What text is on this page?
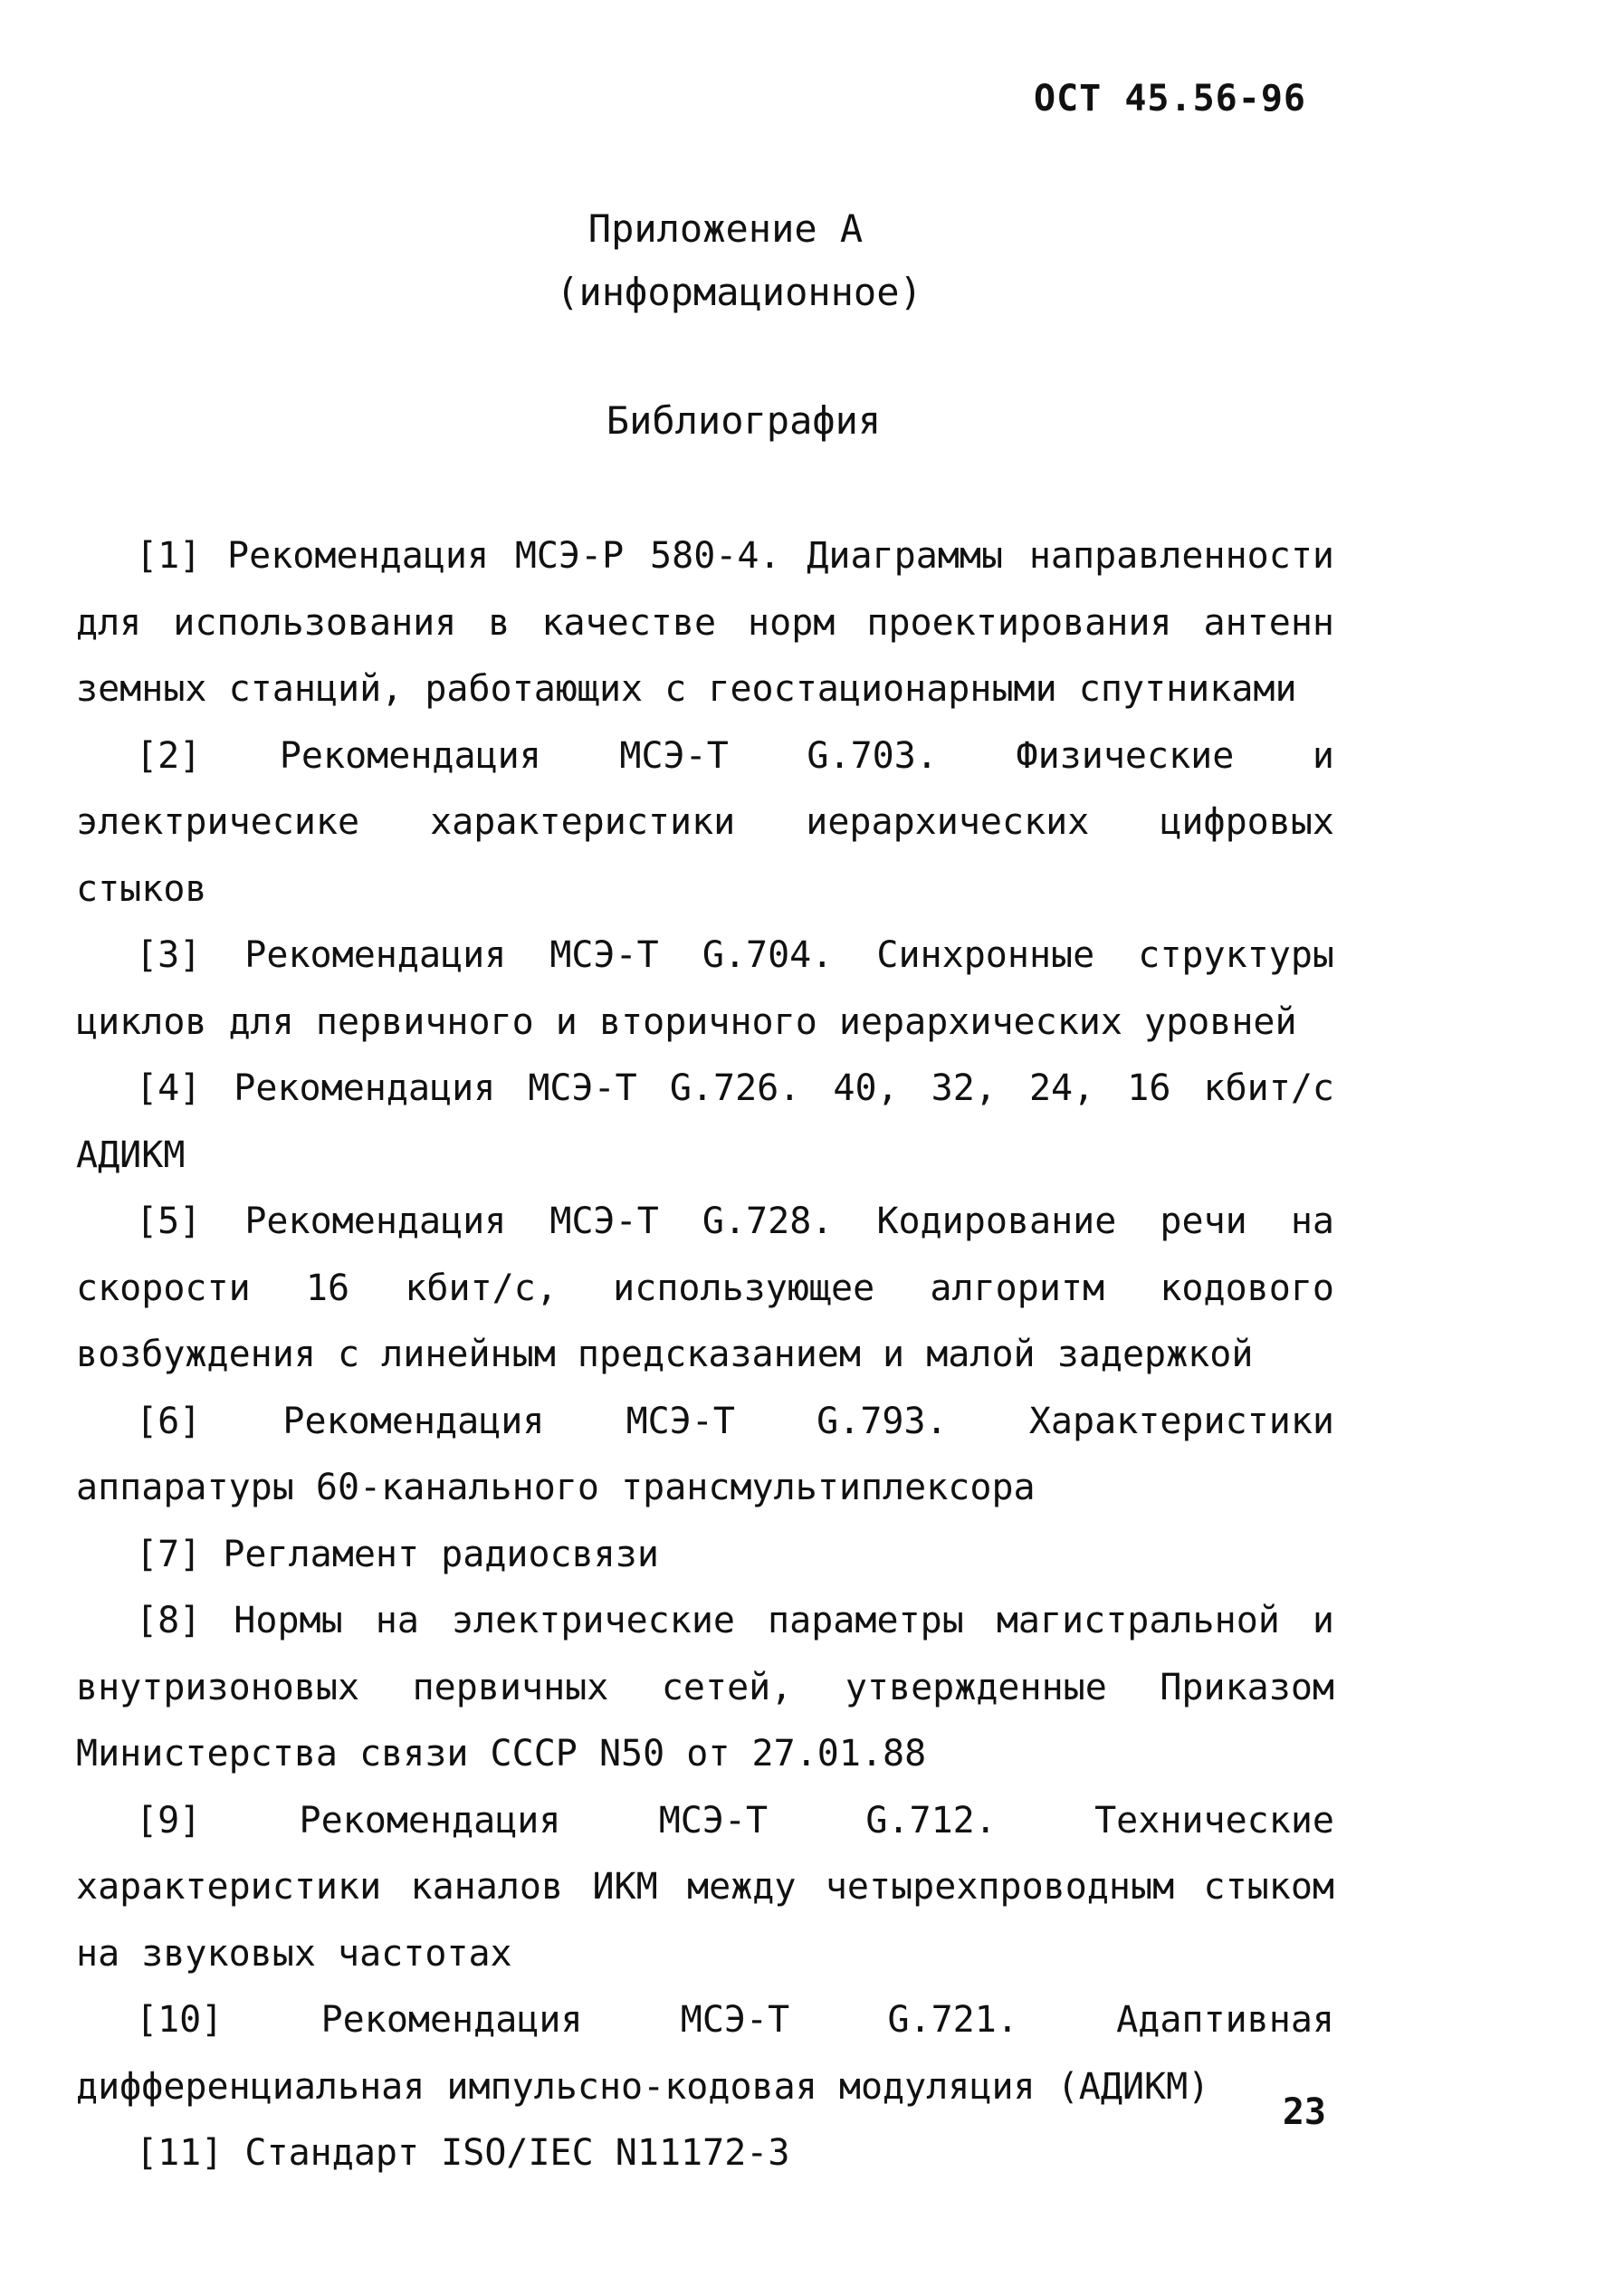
ОСТ 45.56-96
Приложение А
(информационное)
Библиография

[1] Рекомендация МСЭ-Р 580-4. Диаграммы направленности для использования в качестве норм проектирования антенн земных станций, работающих с геостационарными спутниками

[2] Рекомендация МСЭ-Т G.703. Физические и электричесике характеристики иерархических цифровых стыков

[3] Рекомендация МСЭ-Т G.704. Синхронные структуры циклов для первичного и вторичного иерархических уровней

[4] Рекомендация МСЭ-Т G.726. 40, 32, 24, 16 кбит/с АДИКМ

[5] Рекомендация МСЭ-Т G.728. Кодирование речи на скорости 16 кбит/с, использующее алгоритм кодового возбуждения с линейным предсказанием и малой задержкой

[6] Рекомендация МСЭ-Т G.793. Характеристики аппаратуры 60-канального трансмультиплексора

[7] Регламент радиосвязи

[8] Нормы на электрические параметры магистральной и внутризоновых первичных сетей, утвержденные Приказом Министерства связи СССР N50 от 27.01.88

[9] Рекомендация МСЭ-Т G.712. Технические характеристики каналов ИКМ между четырехпроводным стыком на звуковых частотах

[10] Рекомендация МСЭ-Т G.721. Адаптивная дифференциальная импульсно-кодовая модуляция (АДИКМ)

[11] Стандарт ISO/IEC N11172-3

23
